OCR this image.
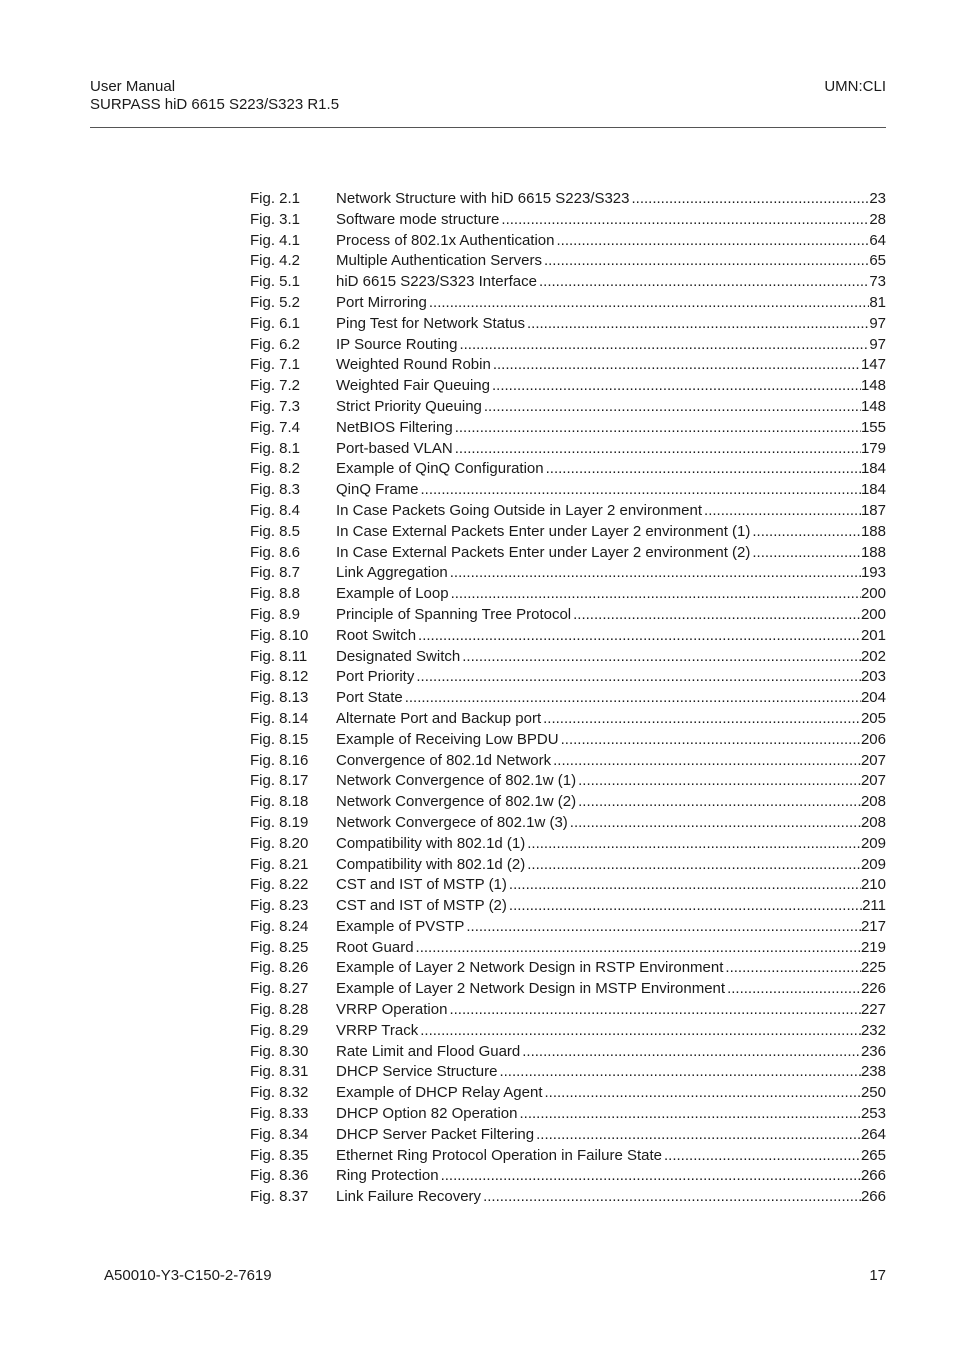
User Manual
SURPASS hiD 6615 S223/S323 R1.5
UMN:CLI
Fig. 2.1 Network Structure with hiD 6615 S223/S323 .....	23
Fig. 3.1 Software mode structure .....	28
Fig. 4.1 Process of 802.1x Authentication .....	64
Fig. 4.2 Multiple Authentication Servers .....	65
Fig. 5.1 hiD 6615 S223/S323 Interface .....	73
Fig. 5.2 Port Mirroring .....	81
Fig. 6.1 Ping Test for Network Status .....	97
Fig. 6.2 IP Source Routing .....	97
Fig. 7.1 Weighted Round Robin .....	147
Fig. 7.2 Weighted Fair Queuing .....	148
Fig. 7.3 Strict Priority Queuing .....	148
Fig. 7.4 NetBIOS Filtering .....	155
Fig. 8.1 Port-based VLAN .....	179
Fig. 8.2 Example of QinQ Configuration .....	184
Fig. 8.3 QinQ Frame .....	184
Fig. 8.4 In Case Packets Going Outside in Layer 2 environment .....	187
Fig. 8.5 In Case External Packets Enter under Layer 2 environment (1) .....	188
Fig. 8.6 In Case External Packets Enter under Layer 2 environment (2) .....	188
Fig. 8.7 Link Aggregation .....	193
Fig. 8.8 Example of Loop .....	200
Fig. 8.9 Principle of Spanning Tree Protocol .....	200
Fig. 8.10 Root Switch .....	201
Fig. 8.11 Designated Switch .....	202
Fig. 8.12 Port Priority .....	203
Fig. 8.13 Port State .....	204
Fig. 8.14 Alternate Port and Backup port .....	205
Fig. 8.15 Example of Receiving Low BPDU .....	206
Fig. 8.16 Convergence of 802.1d Network .....	207
Fig. 8.17 Network Convergence of 802.1w (1) .....	207
Fig. 8.18 Network Convergence of 802.1w (2) .....	208
Fig. 8.19 Network Convergece of 802.1w (3) .....	208
Fig. 8.20 Compatibility with 802.1d (1) .....	209
Fig. 8.21 Compatibility with 802.1d (2) .....	209
Fig. 8.22 CST and IST of MSTP (1) .....	210
Fig. 8.23 CST and IST of MSTP (2) .....	211
Fig. 8.24 Example of PVSTP .....	217
Fig. 8.25 Root Guard .....	219
Fig. 8.26 Example of Layer 2 Network Design in RSTP Environment .....	225
Fig. 8.27 Example of Layer 2 Network Design in MSTP Environment .....	226
Fig. 8.28 VRRP Operation .....	227
Fig. 8.29 VRRP Track .....	232
Fig. 8.30 Rate Limit and Flood Guard .....	236
Fig. 8.31 DHCP Service Structure .....	238
Fig. 8.32 Example of DHCP Relay Agent .....	250
Fig. 8.33 DHCP Option 82 Operation .....	253
Fig. 8.34 DHCP Server Packet Filtering .....	264
Fig. 8.35 Ethernet Ring Protocol Operation in Failure State .....	265
Fig. 8.36 Ring Protection .....	266
Fig. 8.37 Link Failure Recovery .....	266
A50010-Y3-C150-2-7619	17
